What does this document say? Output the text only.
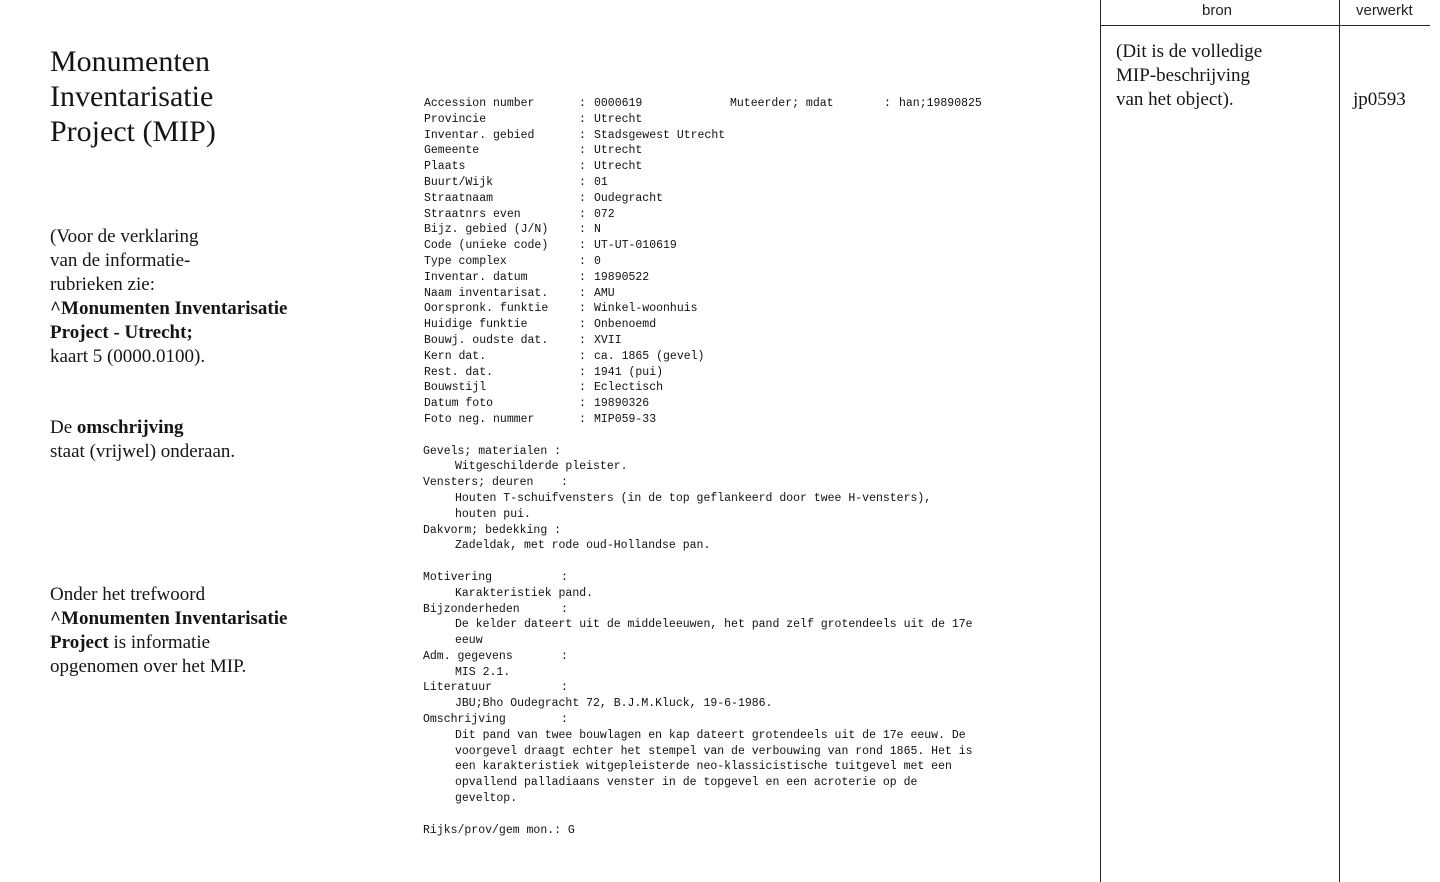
Monumenten
Inventarisatie
Project (MIP)
(Voor de verklaring
van de informatie-
rubrieken zie:
^Monumenten Inventarisatie
Project - Utrecht;
kaart 5 (0000.0100).
De omschrijving
staat (vrijwel) onderaan.
Onder het trefwoord
^Monumenten Inventarisatie
Project is informatie
opgenomen over het MIP.
Accession number	: 0000619	Muteerder; mdat	: han;19890825
Provincie	: Utrecht
Inventar. gebied	: Stadsgewest Utrecht
Gemeente	: Utrecht
Plaats	: Utrecht
Buurt/Wijk	: 01
Straatnaam	: Oudegracht
Straatnrs even	: 072
Bijz. gebied (J/N)	: N
Code (unieke code)	: UT-UT-010619
Type complex	: 0
Inventar. datum	: 19890522
Naam inventarisat.	: AMU
Oorspronk. funktie	: Winkel-woonhuis
Huidige funktie	: Onbenoemd
Bouwj. oudste dat.	: XVII
Kern dat.	: ca. 1865 (gevel)
Rest. dat.	: 1941 (pui)
Bouwstijl	: Eclectisch
Datum foto	: 19890326
Foto neg. nummer	: MIP059-33
Gevels; materialen :
Witgeschilderde pleister.
Vensters; deuren    :
Houten T-schuifvensters (in de top geflankeerd door twee H-vensters),
houten pui.
Dakvorm; bedekking :
Zadeldak, met rode oud-Hollandse pan.
Motivering          :
Karakteristiek pand.
Bijzonderheden      :
De kelder dateert uit de middeleeuwen, het pand zelf grotendeels uit de 17e
eeuw
Adm. gegevens       :
MIS 2.1.
Literatuur          :
JBU;Bho Oudegracht 72, B.J.M.Kluck, 19-6-1986.
Omschrijving        :
Dit pand van twee bouwlagen en kap dateert grotendeels uit de 17e eeuw. De
voorgevel draagt echter het stempel van de verbouwing van rond 1865. Het is
een karakteristiek witgepleisterde neo-klassicistische tuitgevel met een
opvallend palladiaans venster in de topgevel en een acroterie op de
geveltop.

Rijks/prov/gem mon.: G

bron	verwerkt
(Dit is de volledige
MIP-beschrijving
van het object).	jp0593
